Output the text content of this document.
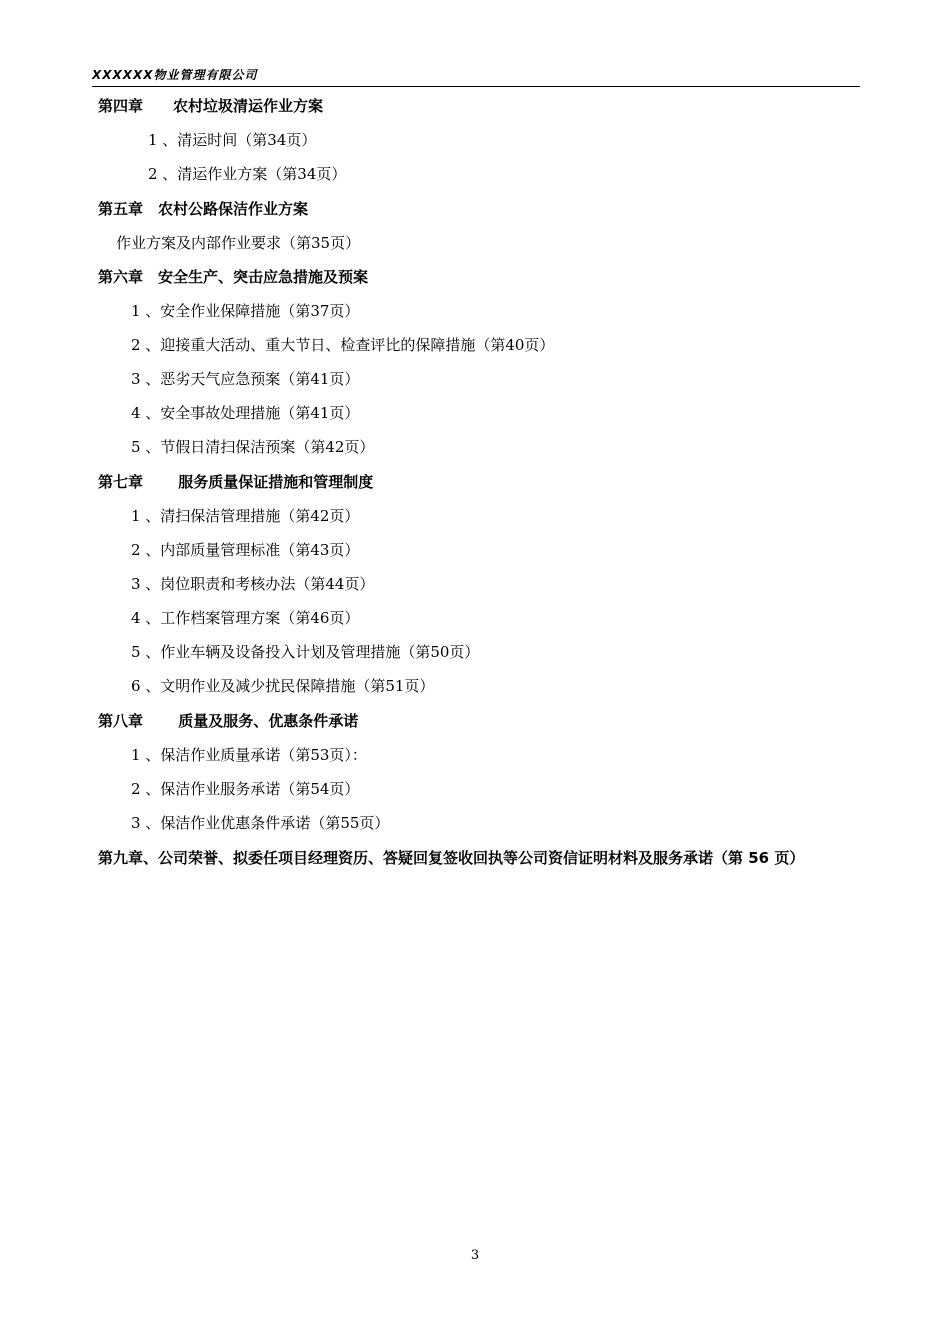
XXXXXX物业管理有限公司
第四章　　农村垃圾清运作业方案
1 、清运时间（第34页）
2 、清运作业方案（第34页）
第五章　农村公路保洁作业方案
作业方案及内部作业要求（第35页）
第六章　安全生产、突击应急措施及预案
1 、安全作业保障措施（第37页）
2 、迎接重大活动、重大节日、检查评比的保障措施（第40页）
3 、恶劣天气应急预案（第41页）
4 、安全事故处理措施（第41页）
5 、节假日清扫保洁预案（第42页）
第七章　　 服务质量保证措施和管理制度
1 、清扫保洁管理措施（第42页）
2 、内部质量管理标准（第43页）
3 、岗位职责和考核办法（第44页）
4 、工作档案管理方案（第46页）
5 、作业车辆及设备投入计划及管理措施（第50页）
6 、文明作业及减少扰民保障措施（第51页）
第八章　　 质量及服务、优惠条件承诺
1 、保洁作业质量承诺（第53页）：
2 、保洁作业服务承诺（第54页）
3 、保洁作业优惠条件承诺（第55页）
第九章、公司荣誉、拟委任项目经理资历、答疑回复签收回执等公司资信证明材料及服务承诺（第 56 页）
3
